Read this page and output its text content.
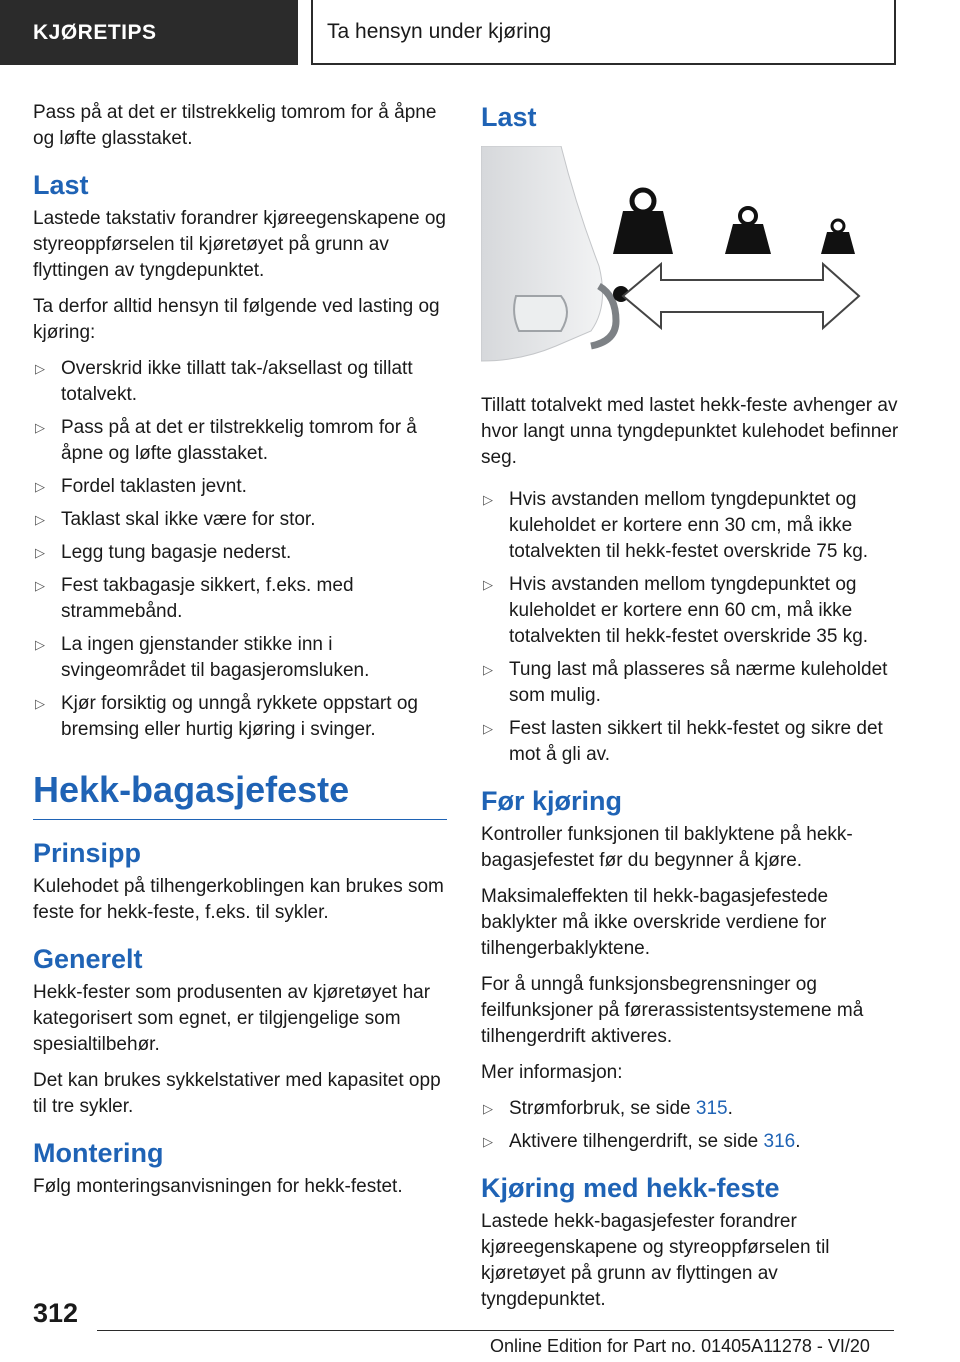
KJØRETIPS	Ta hensyn under kjøring

Pass på at det er tilstrekkelig tomrom for å åpne og løfte glasstaket.

Last

Lastede takstativ forandrer kjøreegenskapene og styreoppførselen til kjøretøyet på grunn av flyttingen av tyngdepunktet.

Ta derfor alltid hensyn til følgende ved lasting og kjøring:

▷ Overskrid ikke tillatt tak-/aksellast og tillatt totalvekt.
▷ Pass på at det er tilstrekkelig tomrom for å åpne og løfte glasstaket.
▷ Fordel taklasten jevnt.
▷ Taklast skal ikke være for stor.
▷ Legg tung bagasje nederst.
▷ Fest takbagasje sikkert, f.eks. med strammebånd.
▷ La ingen gjenstander stikke inn i svingeområdet til bagasjeromsluken.
▷ Kjør forsiktig og unngå rykkete oppstart og bremsing eller hurtig kjøring i svinger.
Hekk-bagasjefeste
Prinsipp

Kulehodet på tilhengerkoblingen kan brukes som feste for hekk-feste, f.eks. til sykler.

Generelt

Hekk-fester som produsenten av kjøretøyet har kategorisert som egnet, er tilgjengelige som spesialtilbehør.

Det kan brukes sykkelstativer med kapasitet opp til tre sykler.

Montering

Følg monteringsanvisningen for hekk-festet.

Last

Tillatt totalvekt med lastet hekk-feste avhenger av hvor langt unna tyngdepunktet kulehodet befinner seg.

▷ Hvis avstanden mellom tyngdepunktet og kuleholdet er kortere enn 30 cm, må ikke totalvekten til hekk-festet overskride 75 kg.
▷ Hvis avstanden mellom tyngdepunktet og kuleholdet er kortere enn 60 cm, må ikke totalvekten til hekk-festet overskride 35 kg.
▷ Tung last må plasseres så nærme kuleholdet som mulig.
▷ Fest lasten sikkert til hekk-festet og sikre det mot å gli av.
Før kjøring

Kontroller funksjonen til baklyktene på hekk-bagasjefestet før du begynner å kjøre.

Maksimaleffekten til hekk-bagasjefestede baklykter må ikke overskride verdiene for tilhengerbaklyktene.

For å unngå funksjonsbegrensninger og feilfunksjoner på førerassistentsystemene må tilhengerdrift aktiveres.

Mer informasjon:

▷ Strømforbruk, se side 315.
▷ Aktivere tilhengerdrift, se side 316.
Kjøring med hekk-feste

Lastede hekk-bagasjefester forandrer kjøreegenskapene og styreoppførselen til kjøretøyet på grunn av flyttingen av tyngdepunktet.

312
Online Edition for Part no. 01405A11278 - VI/20
